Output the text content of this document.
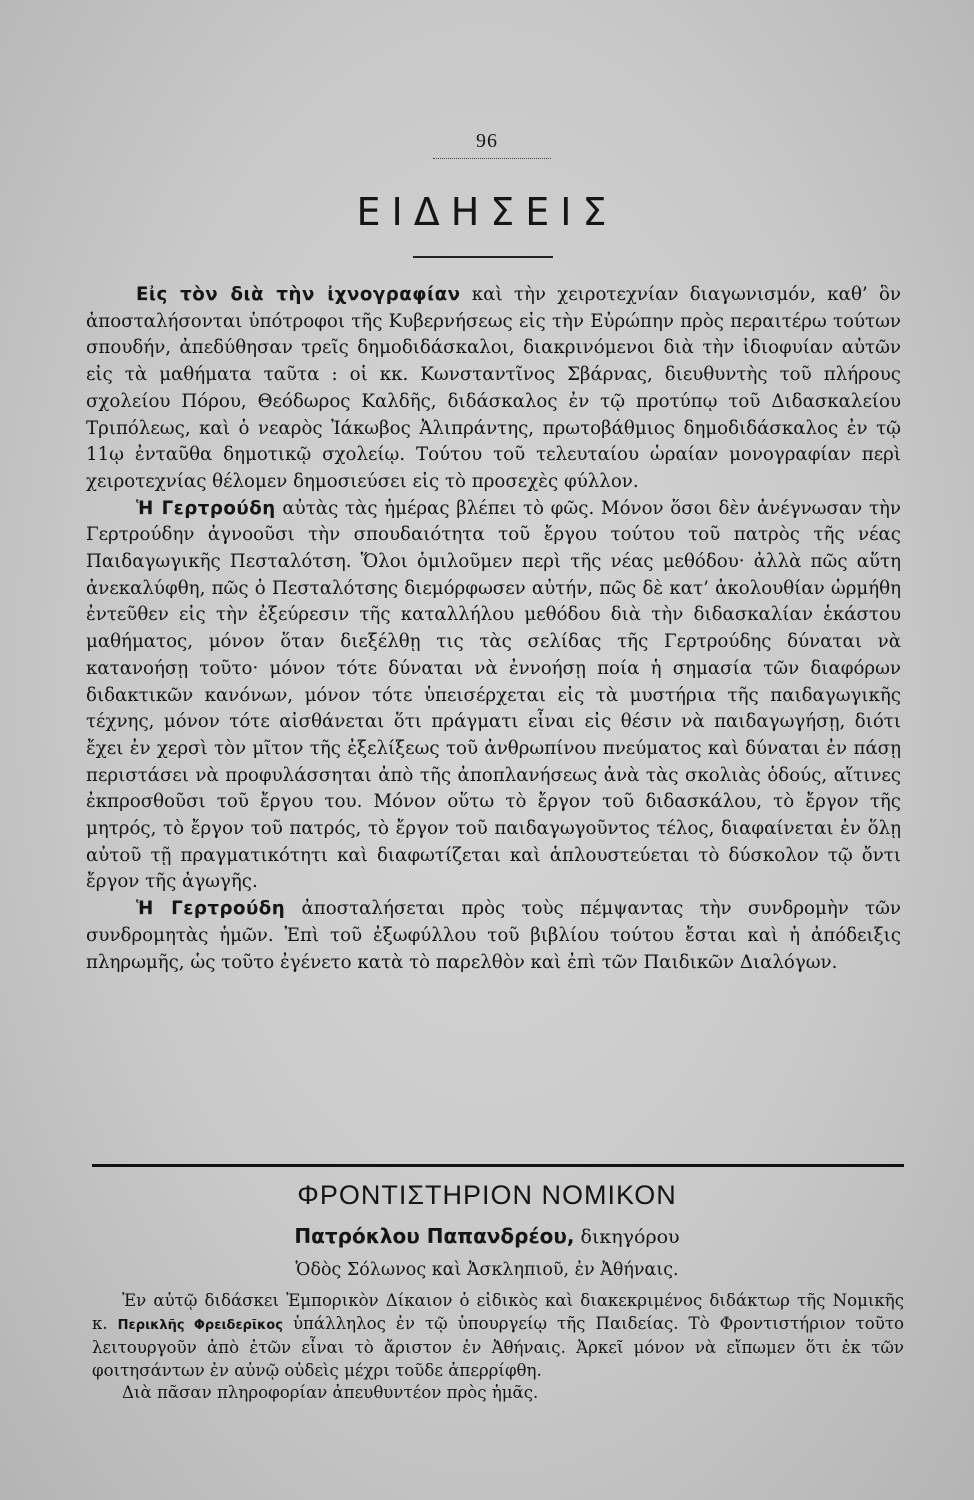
96
ΕΙΔΗΣΕΙΣ

Εἰς τὸν διὰ τὴν ἰχνογραφίαν καὶ τὴν χειροτεχνίαν διαγωνισμόν, καθ’ ὃν ἀποσταλήσονται ὑπότροφοι τῆς Κυβερνήσεως εἰς τὴν Εὐρώπην πρὸς περαιτέρω τούτων σπουδήν, ἀπεδύθησαν τρεῖς δημοδιδάσκαλοι, διακρινόμενοι διὰ τὴν ἰδιοφυίαν αὐτῶν εἰς τὰ μαθήματα ταῦτα : οἱ κκ. Κωνσταντῖνος Σβάρνας, διευθυντὴς τοῦ πλήρους σχολείου Πόρου, Θεόδωρος Καλδῆς, διδάσκαλος ἐν τῷ προτύπῳ τοῦ Διδασκαλείου Τριπόλεως, καὶ ὁ νεαρὸς Ἰάκωβος Ἀλιπράντης, πρωτοβάθμιος δημοδιδάσκαλος ἐν τῷ 11ῳ ἐνταῦθα δημοτικῷ σχολείῳ. Τούτου τοῦ τελευταίου ὡραίαν μονογραφίαν περὶ χειροτεχνίας θέλομεν δημοσιεύσει εἰς τὸ προσεχὲς φύλλον.

Ἡ Γερτρούδη αὐτὰς τὰς ἡμέρας βλέπει τὸ φῶς. Μόνον ὅσοι δὲν ἀνέγνωσαν τὴν Γερτρούδην ἀγνοοῦσι τὴν σπουδαιότητα τοῦ ἔργου τούτου τοῦ πατρὸς τῆς νέας Παιδαγωγικῆς Πεσταλότση. Ὅλοι ὁμιλοῦμεν περὶ τῆς νέας μεθόδου· ἀλλὰ πῶς αὕτη ἀνεκαλύφθη, πῶς ὁ Πεσταλότσης διεμόρφωσεν αὐτήν, πῶς δὲ κατ’ ἀκολουθίαν ὡρμήθη ἐντεῦθεν εἰς τὴν ἐξεύρεσιν τῆς καταλλήλου μεθόδου διὰ τὴν διδασκαλίαν ἑκάστου μαθήματος, μόνον ὅταν διεξέλθῃ τις τὰς σελίδας τῆς Γερτρούδης δύναται νὰ κατανοήσῃ τοῦτο· μόνον τότε δύναται νὰ ἐννοήσῃ ποία ἡ σημασία τῶν διαφόρων διδακτικῶν κανόνων, μόνον τότε ὑπεισέρχεται εἰς τὰ μυστήρια τῆς παιδαγωγικῆς τέχνης, μόνον τότε αἰσθάνεται ὅτι πράγματι εἶναι εἰς θέσιν νὰ παιδαγωγήσῃ, διότι ἔχει ἐν χερσὶ τὸν μῖτον τῆς ἐξελίξεως τοῦ ἀνθρωπίνου πνεύματος καὶ δύναται ἐν πάσῃ περιστάσει νὰ προφυλάσσηται ἀπὸ τῆς ἀποπλανήσεως ἀνὰ τὰς σκολιὰς ὁδούς, αἵτινες ἐκπροσθοῦσι τοῦ ἔργου του. Μόνον οὕτω τὸ ἔργον τοῦ διδασκάλου, τὸ ἔργον τῆς μητρός, τὸ ἔργον τοῦ πατρός, τὸ ἔργον τοῦ παιδαγωγοῦντος τέλος, διαφαίνεται ἐν ὅλῃ αὐτοῦ τῇ πραγματικότητι καὶ διαφωτίζεται καὶ ἁπλουστεύεται τὸ δύσκολον τῷ ὄντι ἔργον τῆς ἀγωγῆς.

Ἡ Γερτρούδη ἀποσταλήσεται πρὸς τοὺς πέμψαντας τὴν συνδρομὴν τῶν συνδρομητὰς ἡμῶν. Ἐπὶ τοῦ ἐξωφύλλου τοῦ βιβλίου τούτου ἔσται καὶ ἡ ἀπόδειξις πληρωμῆς, ὡς τοῦτο ἐγένετο κατὰ τὸ παρελθὸν καὶ ἐπὶ τῶν Παιδικῶν Διαλόγων.

ΦΡΟΝΤΙΣΤΗΡΙΟΝ ΝΟΜΙΚΟΝ
Πατρόκλου Παπανδρέου, δικηγόρου
Ὁδὸς Σόλωνος καὶ Ἀσκληπιοῦ, ἐν Ἀθήναις.

Ἐν αὐτῷ διδάσκει Ἐμπορικὸν Δίκαιον ὁ εἰδικὸς καὶ διακεκριμένος διδάκτωρ τῆς Νομικῆς κ. Περικλῆς Φρειδερῖκος ὑπάλληλος ἐν τῷ ὑπουργείῳ τῆς Παιδείας. Τὸ Φροντιστήριον τοῦτο λειτουργοῦν ἀπὸ ἐτῶν εἶναι τὸ ἄριστον ἐν Ἀθήναις. Ἀρκεῖ μόνον νὰ εἴπωμεν ὅτι ἐκ τῶν φοιτησάντων ἐν αὐνῷ οὐδεὶς μέχρι τοῦδε ἀπερρίφθη.

Διὰ πᾶσαν πληροφορίαν ἀπευθυντέον πρὸς ἡμᾶς.
